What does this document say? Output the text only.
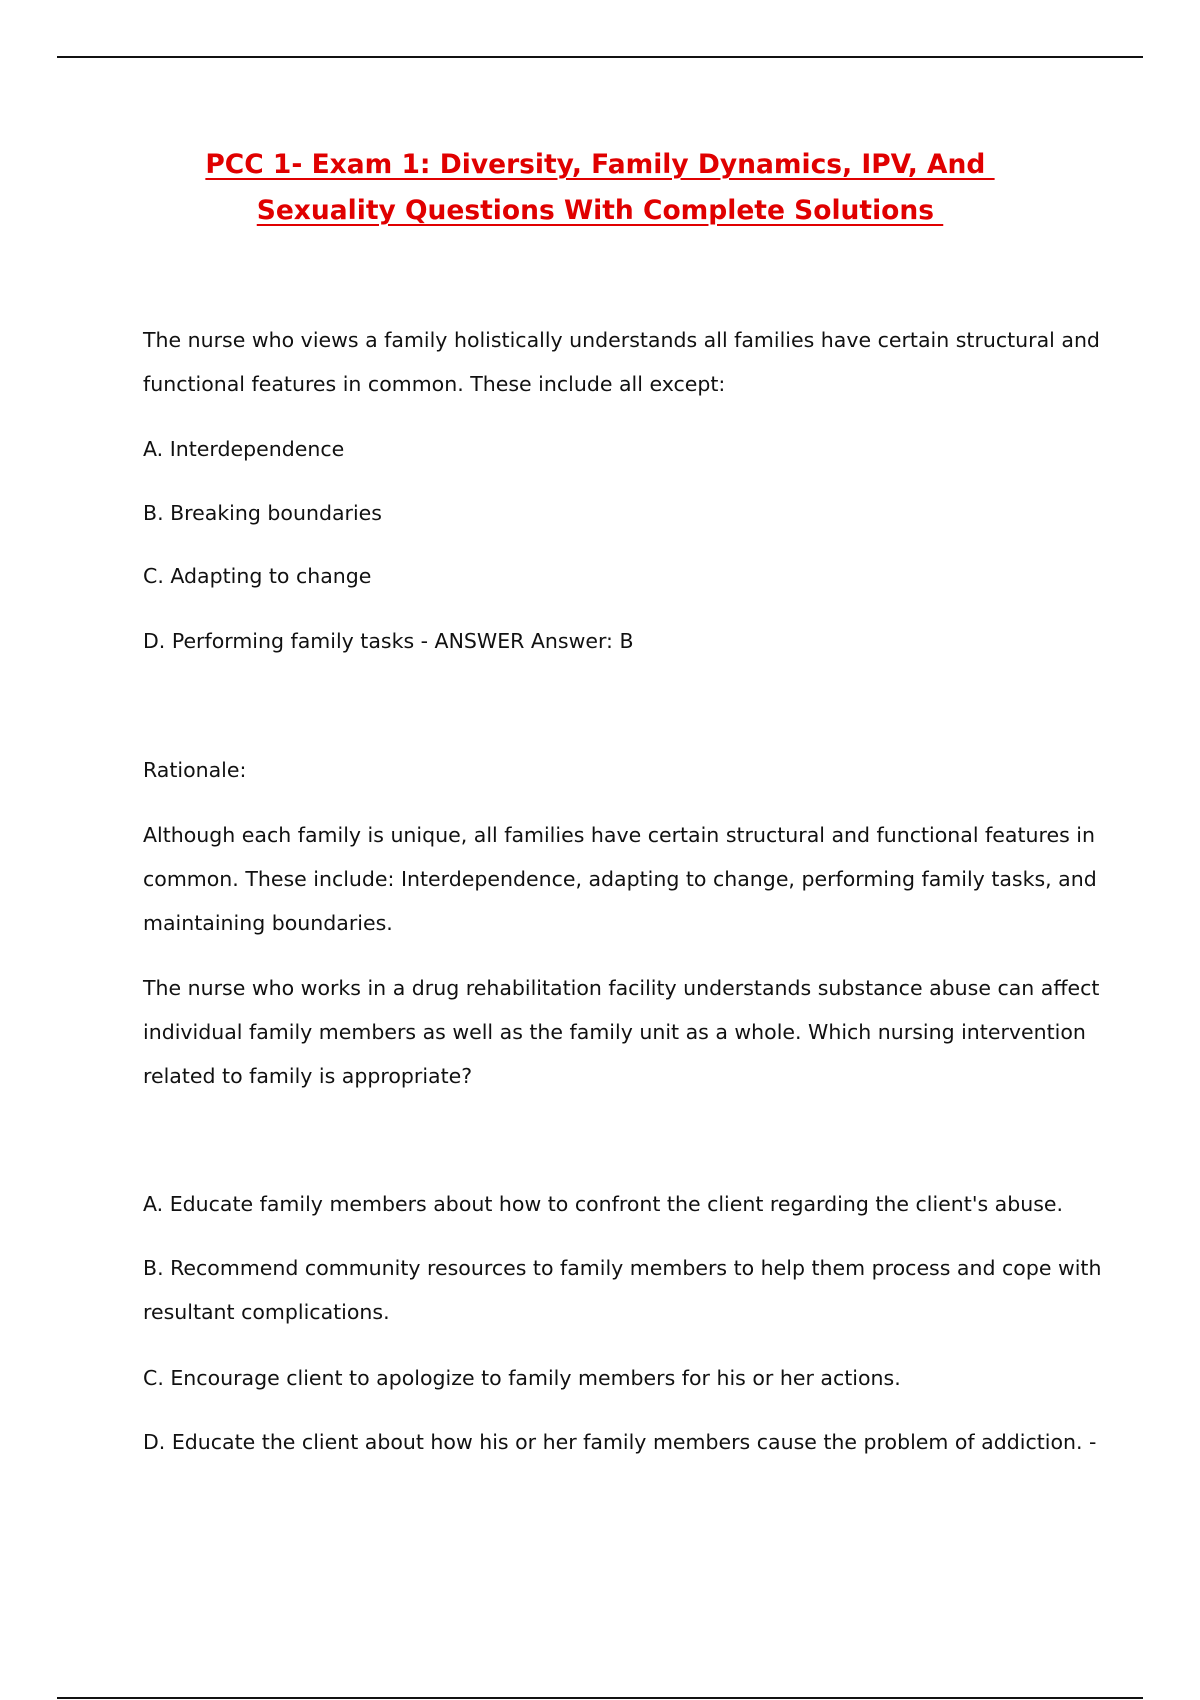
PCC 1- Exam 1: Diversity, Family Dynamics, IPV, And
Sexuality Questions With Complete Solutions

The nurse who views a family holistically understands all families have certain structural and
functional features in common. These include all except:

A. Interdependence

B. Breaking boundaries

C. Adapting to change

D. Performing family tasks - ANSWER Answer: B

Rationale:

Although each family is unique, all families have certain structural and functional features in
common. These include: Interdependence, adapting to change, performing family tasks, and
maintaining boundaries.

The nurse who works in a drug rehabilitation facility understands substance abuse can affect
individual family members as well as the family unit as a whole. Which nursing intervention
related to family is appropriate?

A. Educate family members about how to confront the client regarding the client's abuse.

B. Recommend community resources to family members to help them process and cope with
resultant complications.

C. Encourage client to apologize to family members for his or her actions.

D. Educate the client about how his or her family members cause the problem of addiction. -
